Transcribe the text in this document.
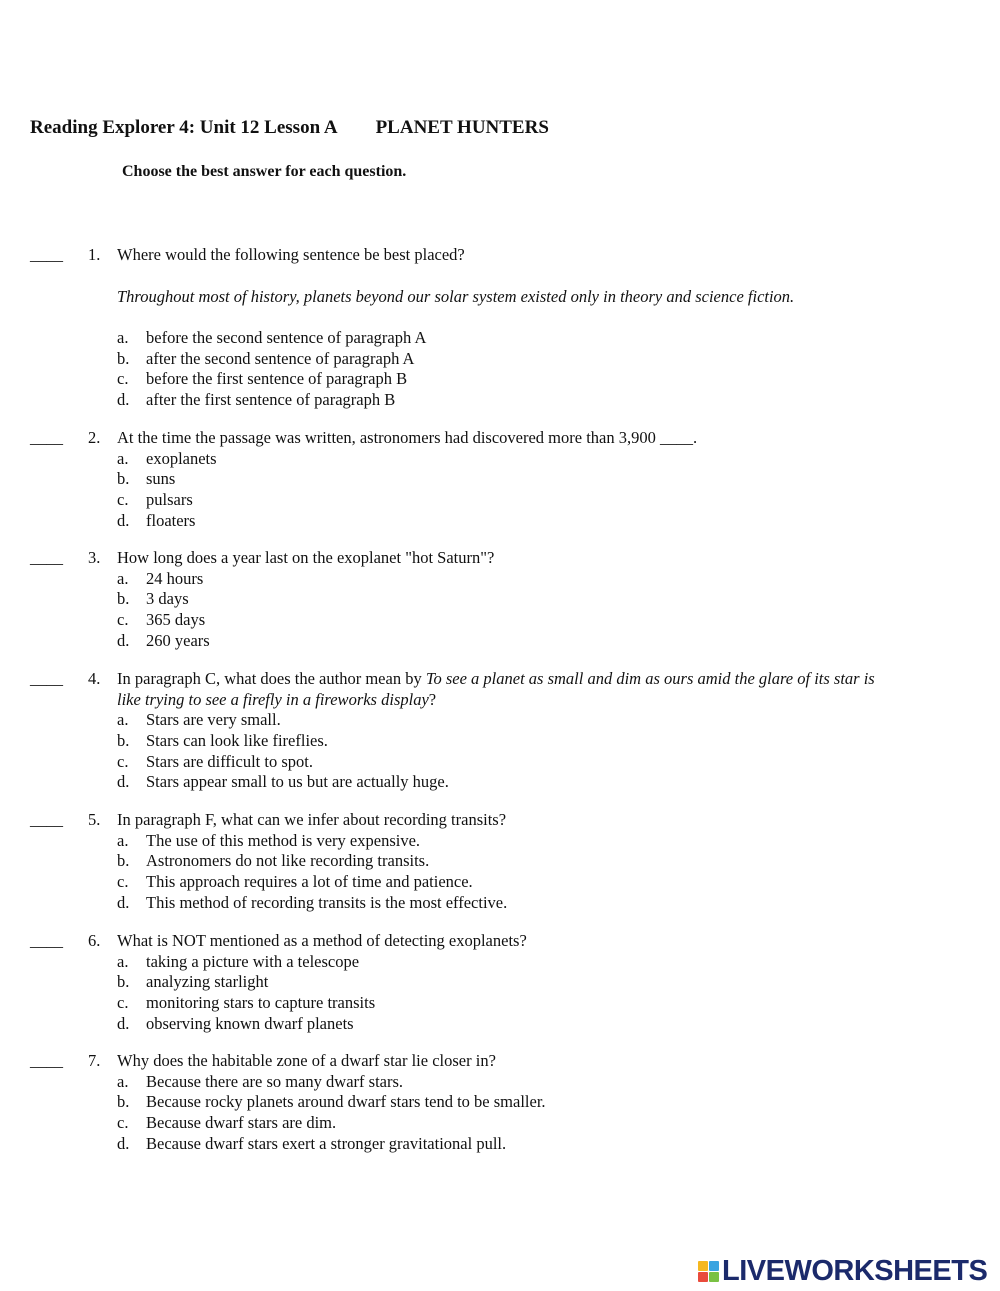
Reading Explorer 4: Unit 12 Lesson A PLANET HUNTERS
Choose the best answer for each question.
____ 1. Where would the following sentence be best placed?
Throughout most of history, planets beyond our solar system existed only in theory and science fiction.
a. before the second sentence of paragraph A
b. after the second sentence of paragraph A
c. before the first sentence of paragraph B
d. after the first sentence of paragraph B
____ 2. At the time the passage was written, astronomers had discovered more than 3,900 ____.
a. exoplanets
b. suns
c. pulsars
d. floaters
____ 3. How long does a year last on the exoplanet "hot Saturn"?
a. 24 hours
b. 3 days
c. 365 days
d. 260 years
____ 4. In paragraph C, what does the author mean by To see a planet as small and dim as ours amid the glare of its star is like trying to see a firefly in a fireworks display?
a. Stars are very small.
b. Stars can look like fireflies.
c. Stars are difficult to spot.
d. Stars appear small to us but are actually huge.
____ 5. In paragraph F, what can we infer about recording transits?
a. The use of this method is very expensive.
b. Astronomers do not like recording transits.
c. This approach requires a lot of time and patience.
d. This method of recording transits is the most effective.
____ 6. What is NOT mentioned as a method of detecting exoplanets?
a. taking a picture with a telescope
b. analyzing starlight
c. monitoring stars to capture transits
d. observing known dwarf planets
____ 7. Why does the habitable zone of a dwarf star lie closer in?
a. Because there are so many dwarf stars.
b. Because rocky planets around dwarf stars tend to be smaller.
c. Because dwarf stars are dim.
d. Because dwarf stars exert a stronger gravitational pull.
LIVEWORKSHEETS
